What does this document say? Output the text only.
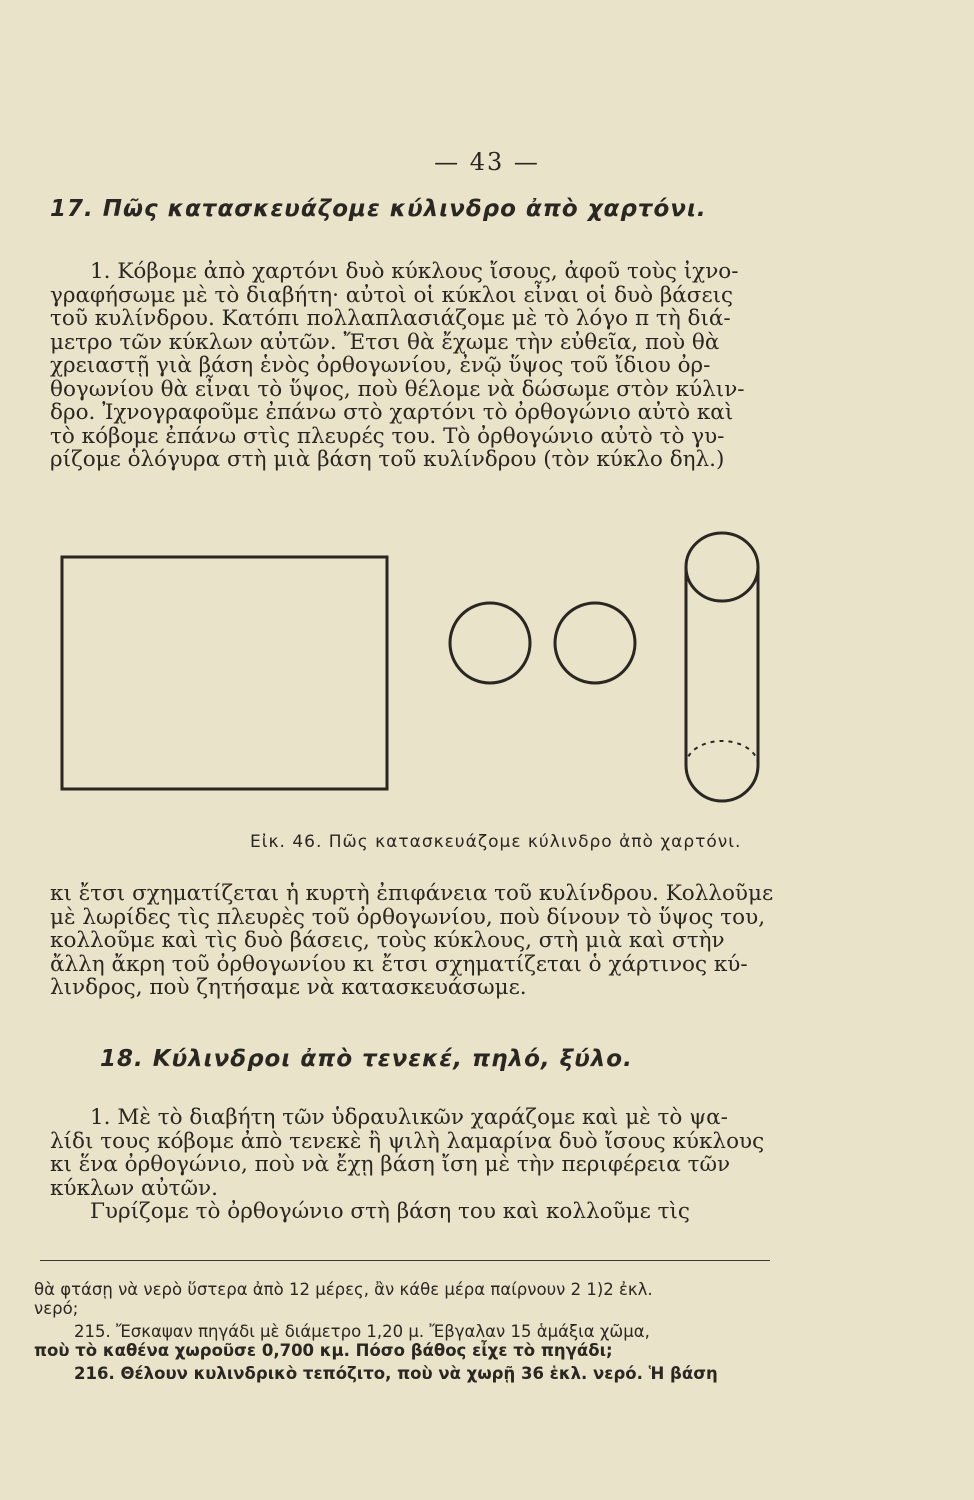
— 43 —
17. Πῶς κατασκευάζομε κύλινδρο ἀπὸ χαρτόνι.
1. Κόβομε ἀπὸ χαρτόνι δυὸ κύκλους ἴσους, ἀφοῦ τοὺς ἰχνο-
γραφήσωμε μὲ τὸ διαβήτη· αὐτοὶ οἱ κύκλοι εἶναι οἱ δυὸ βάσεις
τοῦ κυλίνδρου. Κατόπι πολλαπλασιάζομε μὲ τὸ λόγο π τὴ διά-
μετρο τῶν κύκλων αὐτῶν. Ἔτσι θὰ ἔχωμε τὴν εὐθεῖα, ποὺ θὰ
χρειαστῇ γιὰ βάση ἑνὸς ὀρθογωνίου, ἐνῷ ὕψος τοῦ ἴδιου ὀρ-
θογωνίου θὰ εἶναι τὸ ὕψος, ποὺ θέλομε νὰ δώσωμε στὸν κύλιν-
δρο. Ἰχνογραφοῦμε ἐπάνω στὸ χαρτόνι τὸ ὀρθογώνιο αὐτὸ καὶ
τὸ κόβομε ἐπάνω στὶς πλευρές του. Τὸ ὀρθογώνιο αὐτὸ τὸ γυ-
ρίζομε ὁλόγυρα στὴ μιὰ βάση τοῦ κυλίνδρου (τὸν κύκλο δηλ.)
Εἰκ. 46. Πῶς κατασκευάζομε κύλινδρο ἀπὸ χαρτόνι.
κι ἔτσι σχηματίζεται ἡ κυρτὴ ἐπιφάνεια τοῦ κυλίνδρου. Κολλοῦμε
μὲ λωρίδες τὶς πλευρὲς τοῦ ὀρθογωνίου, ποὺ δίνουν τὸ ὕψος του,
κολλοῦμε καὶ τὶς δυὸ βάσεις, τοὺς κύκλους, στὴ μιὰ καὶ στὴν
ἄλλη ἄκρη τοῦ ὀρθογωνίου κι ἔτσι σχηματίζεται ὁ χάρτινος κύ-
λινδρος, ποὺ ζητήσαμε νὰ κατασκευάσωμε.
18. Κύλινδροι ἀπὸ τενεκέ, πηλό, ξύλο.
1. Μὲ τὸ διαβήτη τῶν ὑδραυλικῶν χαράζομε καὶ μὲ τὸ ψα-
λίδι τους κόβομε ἀπὸ τενεκὲ ἢ ψιλὴ λαμαρίνα δυὸ ἴσους κύκλους
κι ἕνα ὀρθογώνιο, ποὺ νὰ ἔχῃ βάση ἴση μὲ τὴν περιφέρεια τῶν
κύκλων αὐτῶν.
Γυρίζομε τὸ ὀρθογώνιο στὴ βάση του καὶ κολλοῦμε τὶς
θὰ φτάσῃ νὰ νερὸ ὕστερα ἀπὸ 12 μέρες, ἂν κάθε μέρα παίρνουν 2 1)2 ἐκλ.
νερό;
215. Ἔσκαψαν πηγάδι μὲ διάμετρο 1,20 μ. Ἔβγαλαν 15 ἁμάξια χῶμα,
ποὺ τὸ καθένα χωροῦσε 0,700 κμ. Πόσο βάθος εἶχε τὸ πηγάδι;
216. Θέλουν κυλινδρικὸ τεπόζιτο, ποὺ νὰ χωρῇ 36 ἑκλ. νερό. Ἡ βάση
